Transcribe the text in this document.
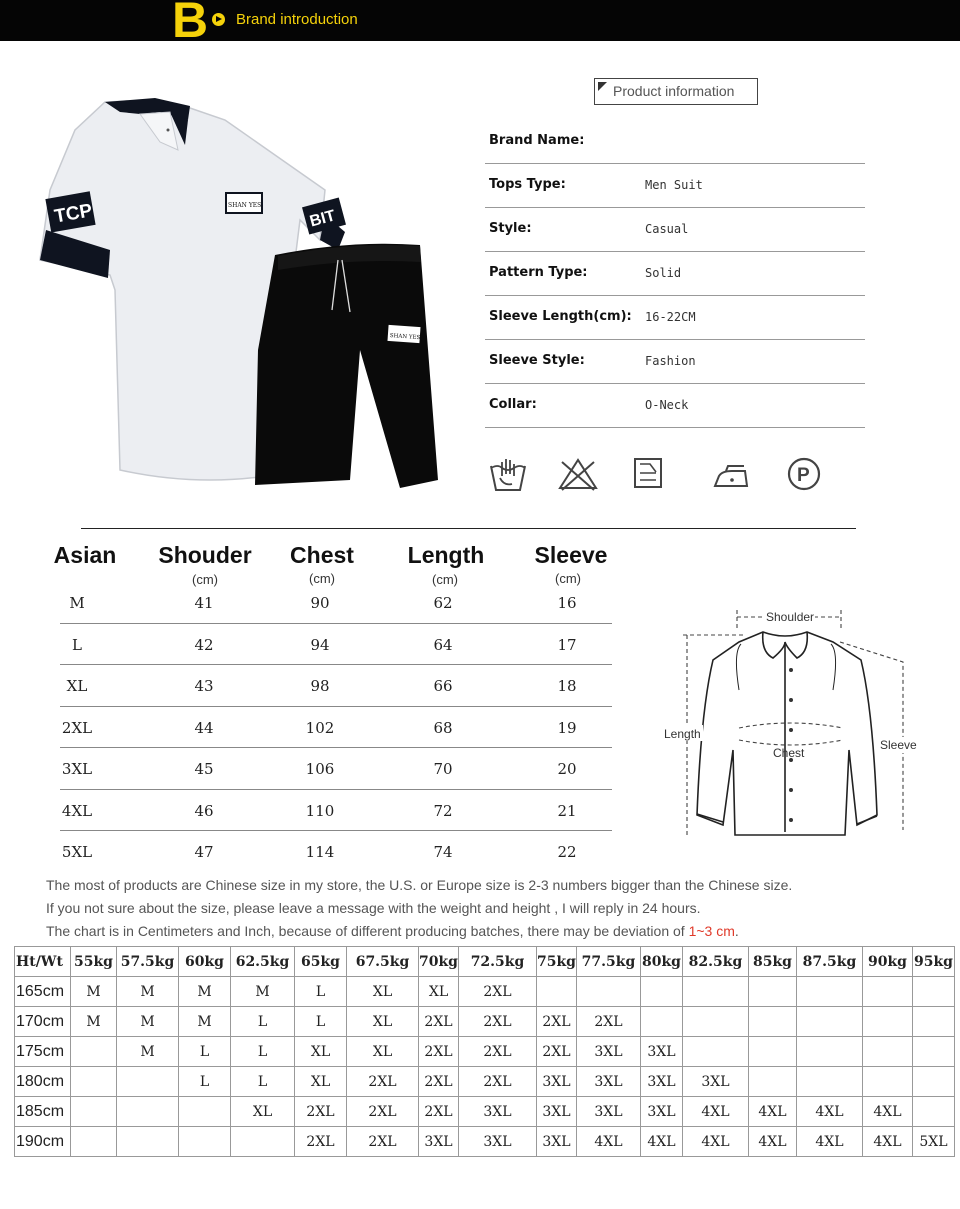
B Brand introduction
TCP	BIT
SHAN YES
SHAN YES
Product information
Brand Name:
Tops Type:	Men Suit
Style:	Casual
Pattern Type:	Solid
Sleeve Length(cm): 16-22CM
Sleeve Style:	Fashion
Collar:	O-Neck
P
Asian	Shouder	Chest	Length	Sleeve
(cm)	(cm)	(cm)	(cm)
M	41	90	62	16
L	42	94	64	17
XL	43	98	66	18
2XL	44	102	68	19
3XL	45	106	70	20
4XL	46	110	72	21
5XL	47	114	74	22
Shoulder
Length
Chest
Sleeve

The most of products are Chinese size in my store, the U.S. or Europe size is 2-3 numbers bigger than the Chinese size.

If you not sure about the size, please leave a message with the weight and height , I will reply in 24 hours.

The chart is in Centimeters and Inch, because of different producing batches, there may be deviation of 1~3 cm.

Ht/Wt	55kg	57.5kg	60kg	62.5kg	65kg	67.5kg	70kg	72.5kg	75kg	77.5kg	80kg	82.5kg	85kg	87.5kg	90kg	95kg
165cm	M	M	M	M	L	XL	XL	2XL								
170cm	M	M	M	L	L	XL	2XL	2XL	2XL	2XL						
175cm		M	L	L	XL	XL	2XL	2XL	2XL	3XL	3XL					
180cm			L	L	XL	2XL	2XL	2XL	3XL	3XL	3XL	3XL				
185cm				XL	2XL	2XL	2XL	3XL	3XL	3XL	3XL	4XL	4XL	4XL	4XL	
190cm					2XL	2XL	3XL	3XL	3XL	4XL	4XL	4XL	4XL	4XL	4XL	5XL
